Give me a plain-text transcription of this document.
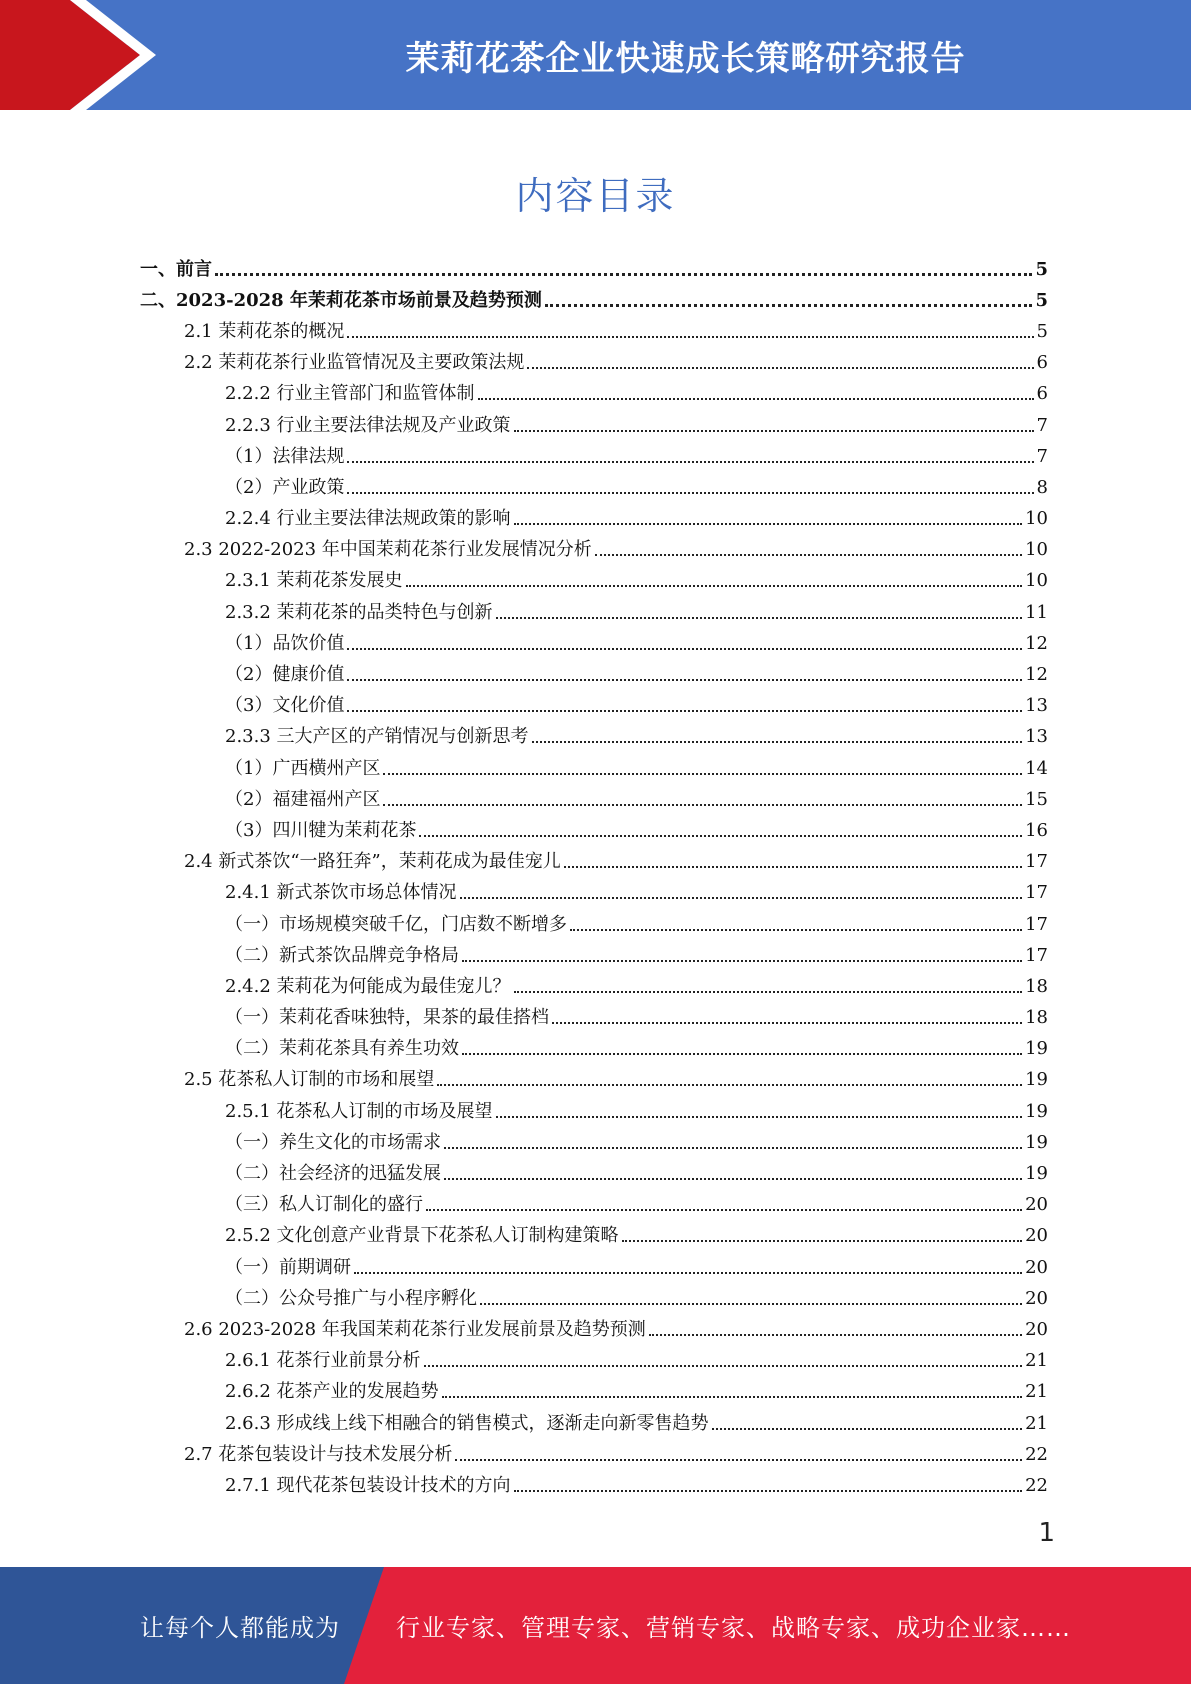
茉莉花茶企业快速成长策略研究报告
内容目录
一、前言	5
二、2023-2028 年茉莉花茶市场前景及趋势预测	5
2.1 茉莉花茶的概况	5
2.2 茉莉花茶行业监管情况及主要政策法规	6
2.2.2 行业主管部门和监管体制	6
2.2.3 行业主要法律法规及产业政策	7
（1）法律法规	7
（2）产业政策	8
2.2.4 行业主要法律法规政策的影响	10
2.3 2022-2023 年中国茉莉花茶行业发展情况分析	10
2.3.1 茉莉花茶发展史	10
2.3.2 茉莉花茶的品类特色与创新	11
（1）品饮价值	12
（2）健康价值	12
（3）文化价值	13
2.3.3 三大产区的产销情况与创新思考	13
（1）广西横州产区	14
（2）福建福州产区	15
（3）四川犍为茉莉花茶	16
2.4 新式茶饮“一路狂奔”，茉莉花成为最佳宠儿	17
2.4.1 新式茶饮市场总体情况	17
（一）市场规模突破千亿，门店数不断增多	17
（二）新式茶饮品牌竞争格局	17
2.4.2 茉莉花为何能成为最佳宠儿？	18
（一）茉莉花香味独特，果茶的最佳搭档	18
（二）茉莉花茶具有养生功效	19
2.5 花茶私人订制的市场和展望	19
2.5.1 花茶私人订制的市场及展望	19
（一）养生文化的市场需求	19
（二）社会经济的迅猛发展	19
（三）私人订制化的盛行	20
2.5.2 文化创意产业背景下花茶私人订制构建策略	20
（一）前期调研	20
（二）公众号推广与小程序孵化	20
2.6 2023-2028 年我国茉莉花茶行业发展前景及趋势预测	20
2.6.1 花茶行业前景分析	21
2.6.2 花茶产业的发展趋势	21
2.6.3 形成线上线下相融合的销售模式，逐渐走向新零售趋势	21
2.7 花茶包装设计与技术发展分析	22
2.7.1 现代花茶包装设计技术的方向	22
1
让每个人都能成为 行业专家、管理专家、营销专家、战略专家、成功企业家……
